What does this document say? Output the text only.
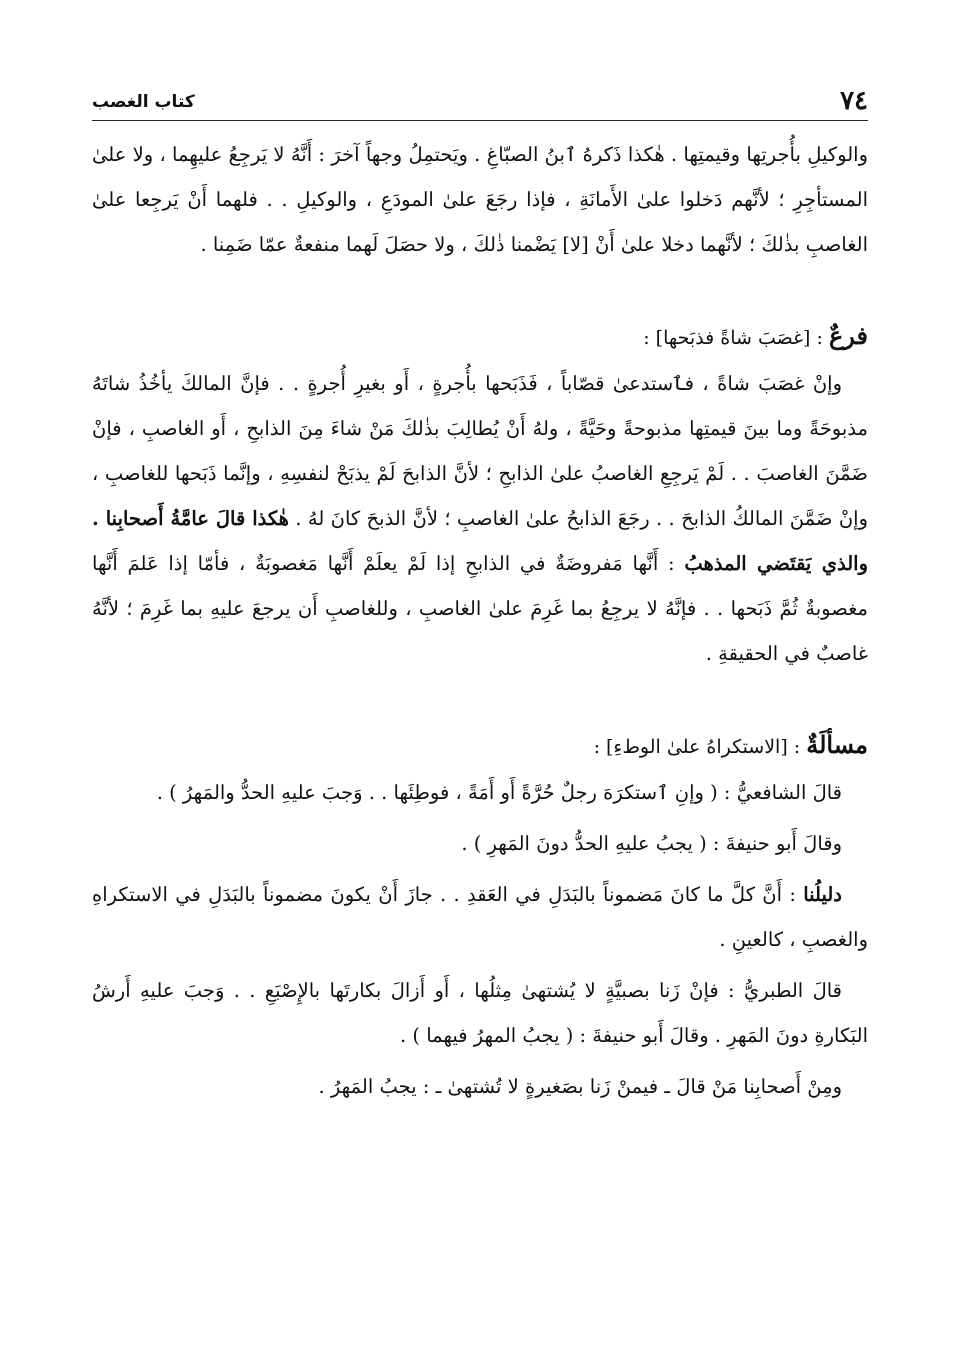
٧٤
كتاب الغصب

والوكيلِ بأُجرتِها وقيمتِها . هٰكذا ذَكرهُ ٱبنُ الصبّاغِ . ويَحتمِلُ وجهاً آخرَ : أَنَّهُ لا يَرجِعُ عليهِما ، ولا علىٰ المستأجِرِ ؛ لأنَّهم دَخلوا علىٰ الأَمانَةِ ، فإذا رجَعَ علىٰ المودَعِ ، والوكيلِ . . فلهما أَنْ يَرجِعا علىٰ الغاصبِ بذٰلكَ ؛ لأنَّهما دخلا علىٰ أَنْ [لا] يَضْمنا ذٰلكَ ، ولا حصَلَ لَهما منفعةٌ عمّا ضَمِنا .

فرعٌ : [غصَبَ شاةً فذبَحها] :

وإنْ غصَبَ شاةً ، فٱستدعىٰ قصّاباً ، فَذَبَحها بأُجرةٍ ، أَو بغيرِ أُجرةٍ . . فإنَّ المالكَ يأخُذُ شاتَهُ مذبوحَةً وما بينَ قيمتِها مذبوحةً وحَيَّةً ، ولهُ أَنْ يُطالِبَ بذٰلكَ مَنْ شاءَ مِنَ الذابحِ ، أَو الغاصبِ ، فإنْ ضَمَّنَ الغاصبَ . . لَمْ يَرجِعِ الغاصبُ علىٰ الذابحِ ؛ لأنَّ الذابحَ لَمْ يذبَحْ لنفسِهِ ، وإنَّما ذَبَحها للغاصبِ ، وإنْ ضَمَّنَ المالكُ الذابحَ . . رجَعَ الذابحُ علىٰ الغاصبِ ؛ لأنَّ الذبحَ كانَ لهُ . هٰكذا قالَ عامَّةُ أَصحابِنا . والذي يَقتَضي المذهبُ : أَنَّها مَفروضَةٌ في الذابحِ إذا لَمْ يعلَمْ أَنَّها مَغصوبَةٌ ، فأمّا إذا عَلمَ أَنَّها مغصوبةٌ ثُمَّ ذَبَحها . . فإنَّهُ لا يرجِعُ بما غَرِمَ علىٰ الغاصبِ ، وللغاصبِ أَن يرجعَ عليهِ بما غَرِمَ ؛ لأنَّهُ غاصبٌ في الحقيقةِ .

مسألَةٌ : [الاستكراهُ علىٰ الوطءِ] :

قالَ الشافعيُّ : ( وإنِ ٱستكرَهَ رجلٌ حُرَّةً أَو أَمَةً ، فوطِئَها . . وَجبَ عليهِ الحدُّ والمَهرُ ) .

وقالَ أَبو حنيفةَ : ( يجبُ عليهِ الحدُّ دونَ المَهرِ ) .

دليلُنا : أَنَّ كلَّ ما كانَ مَضموناً بالبَدَلِ في العَقدِ . . جازَ أَنْ يكونَ مضموناً بالبَدَلِ في الاستكراهِ والغصبِ ، كالعينِ .

قالَ الطبريُّ : فإنْ زَنا بصبيَّةٍ لا يُشتهىٰ مِثلُها ، أَو أَزالَ بكارتَها بالإِصْبَعِ . . وَجبَ عليهِ أَرشُ البَكارةِ دونَ المَهرِ . وقالَ أَبو حنيفةَ : ( يجبُ المهرُ فيهما ) .

ومِنْ أَصحابِنا مَنْ قالَ ـ فيمنْ زَنا بصَغيرةٍ لا تُشتهىٰ ـ : يجبُ المَهرُ .
